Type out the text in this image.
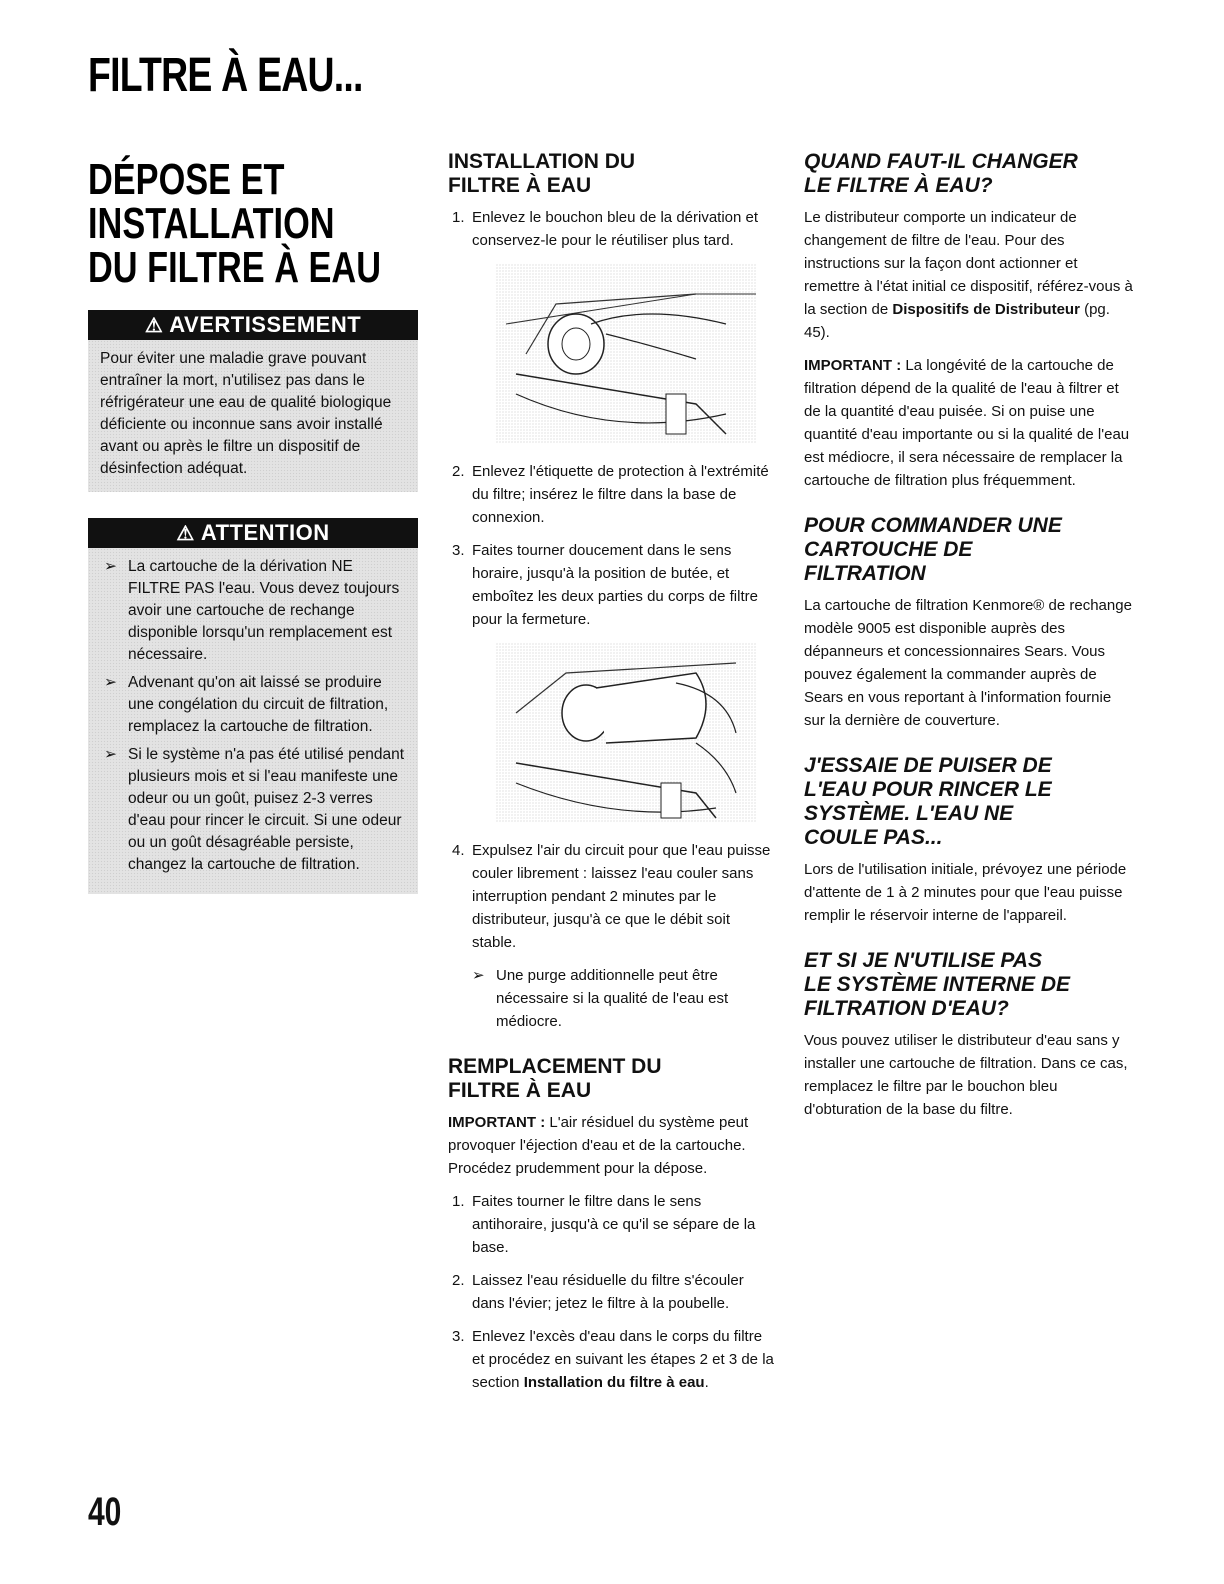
FILTRE À EAU...
DÉPOSE ET INSTALLATION
DU FILTRE À EAU
⚠ AVERTISSEMENT
Pour éviter une maladie grave pouvant entraîner la mort, n'utilisez pas dans le réfrigérateur une eau de qualité biologique déficiente ou inconnue sans avoir installé avant ou après le filtre un dispositif de désinfection adéquat.
⚠ ATTENTION
➢ La cartouche de la dérivation NE FILTRE PAS l'eau. Vous devez toujours avoir une cartouche de rechange disponible lorsqu'un remplacement est nécessaire.
➢ Advenant qu'on ait laissé se produire une congélation du circuit de filtration, remplacez la cartouche de filtration.
➢ Si le système n'a pas été utilisé pendant plusieurs mois et si l'eau manifeste une odeur ou un goût, puisez 2-3 verres d'eau pour rincer le circuit. Si une odeur ou un goût désagréable persiste, changez la cartouche de filtration.
INSTALLATION DU
FILTRE À EAU
1. Enlevez le bouchon bleu de la dérivation et conservez-le pour le réutiliser plus tard.
2. Enlevez l'étiquette de protection à l'extrémité du filtre; insérez le filtre dans la base de connexion.
3. Faites tourner doucement dans le sens horaire, jusqu'à la position de butée, et emboîtez les deux parties du corps de filtre pour la fermeture.
4. Expulsez l'air du circuit pour que l'eau puisse couler librement : laissez l'eau couler sans interruption pendant 2 minutes par le distributeur, jusqu'à ce que le débit soit stable.
➢ Une purge additionnelle peut être nécessaire si la qualité de l'eau est médiocre.
REMPLACEMENT DU
FILTRE À EAU

IMPORTANT : L'air résiduel du système peut provoquer l'éjection d'eau et de la cartouche. Procédez prudemment pour la dépose.

1. Faites tourner le filtre dans le sens antihoraire, jusqu'à ce qu'il se sépare de la base.
2. Laissez l'eau résiduelle du filtre s'écouler dans l'évier; jetez le filtre à la poubelle.
3. Enlevez l'excès d'eau dans le corps du filtre et procédez en suivant les étapes 2 et 3 de la section Installation du filtre à eau.
QUAND FAUT-IL CHANGER
LE FILTRE À EAU?

Le distributeur comporte un indicateur de changement de filtre de l'eau. Pour des instructions sur la façon dont actionner et remettre à l'état initial ce dispositif, référez-vous à la section de Dispositifs de Distributeur (pg. 45).

IMPORTANT : La longévité de la cartouche de filtration dépend de la qualité de l'eau à filtrer et de la quantité d'eau puisée. Si on puise une quantité d'eau importante ou si la qualité de l'eau est médiocre, il sera nécessaire de remplacer la cartouche de filtration plus fréquemment.

POUR COMMANDER UNE
CARTOUCHE DE
FILTRATION

La cartouche de filtration Kenmore® de rechange modèle 9005 est disponible auprès des dépanneurs et concessionnaires Sears. Vous pouvez également la commander auprès de Sears en vous reportant à l'information fournie sur la dernière de couverture.

J'ESSAIE DE PUISER DE
L'EAU POUR RINCER LE
SYSTÈME. L'EAU NE
COULE PAS...

Lors de l'utilisation initiale, prévoyez une période d'attente de 1 à 2 minutes pour que l'eau puisse remplir le réservoir interne de l'appareil.

ET SI JE N'UTILISE PAS
LE SYSTÈME INTERNE DE
FILTRATION D'EAU?

Vous pouvez utiliser le distributeur d'eau sans y installer une cartouche de filtration. Dans ce cas, remplacez le filtre par le bouchon bleu d'obturation de la base du filtre.

40
